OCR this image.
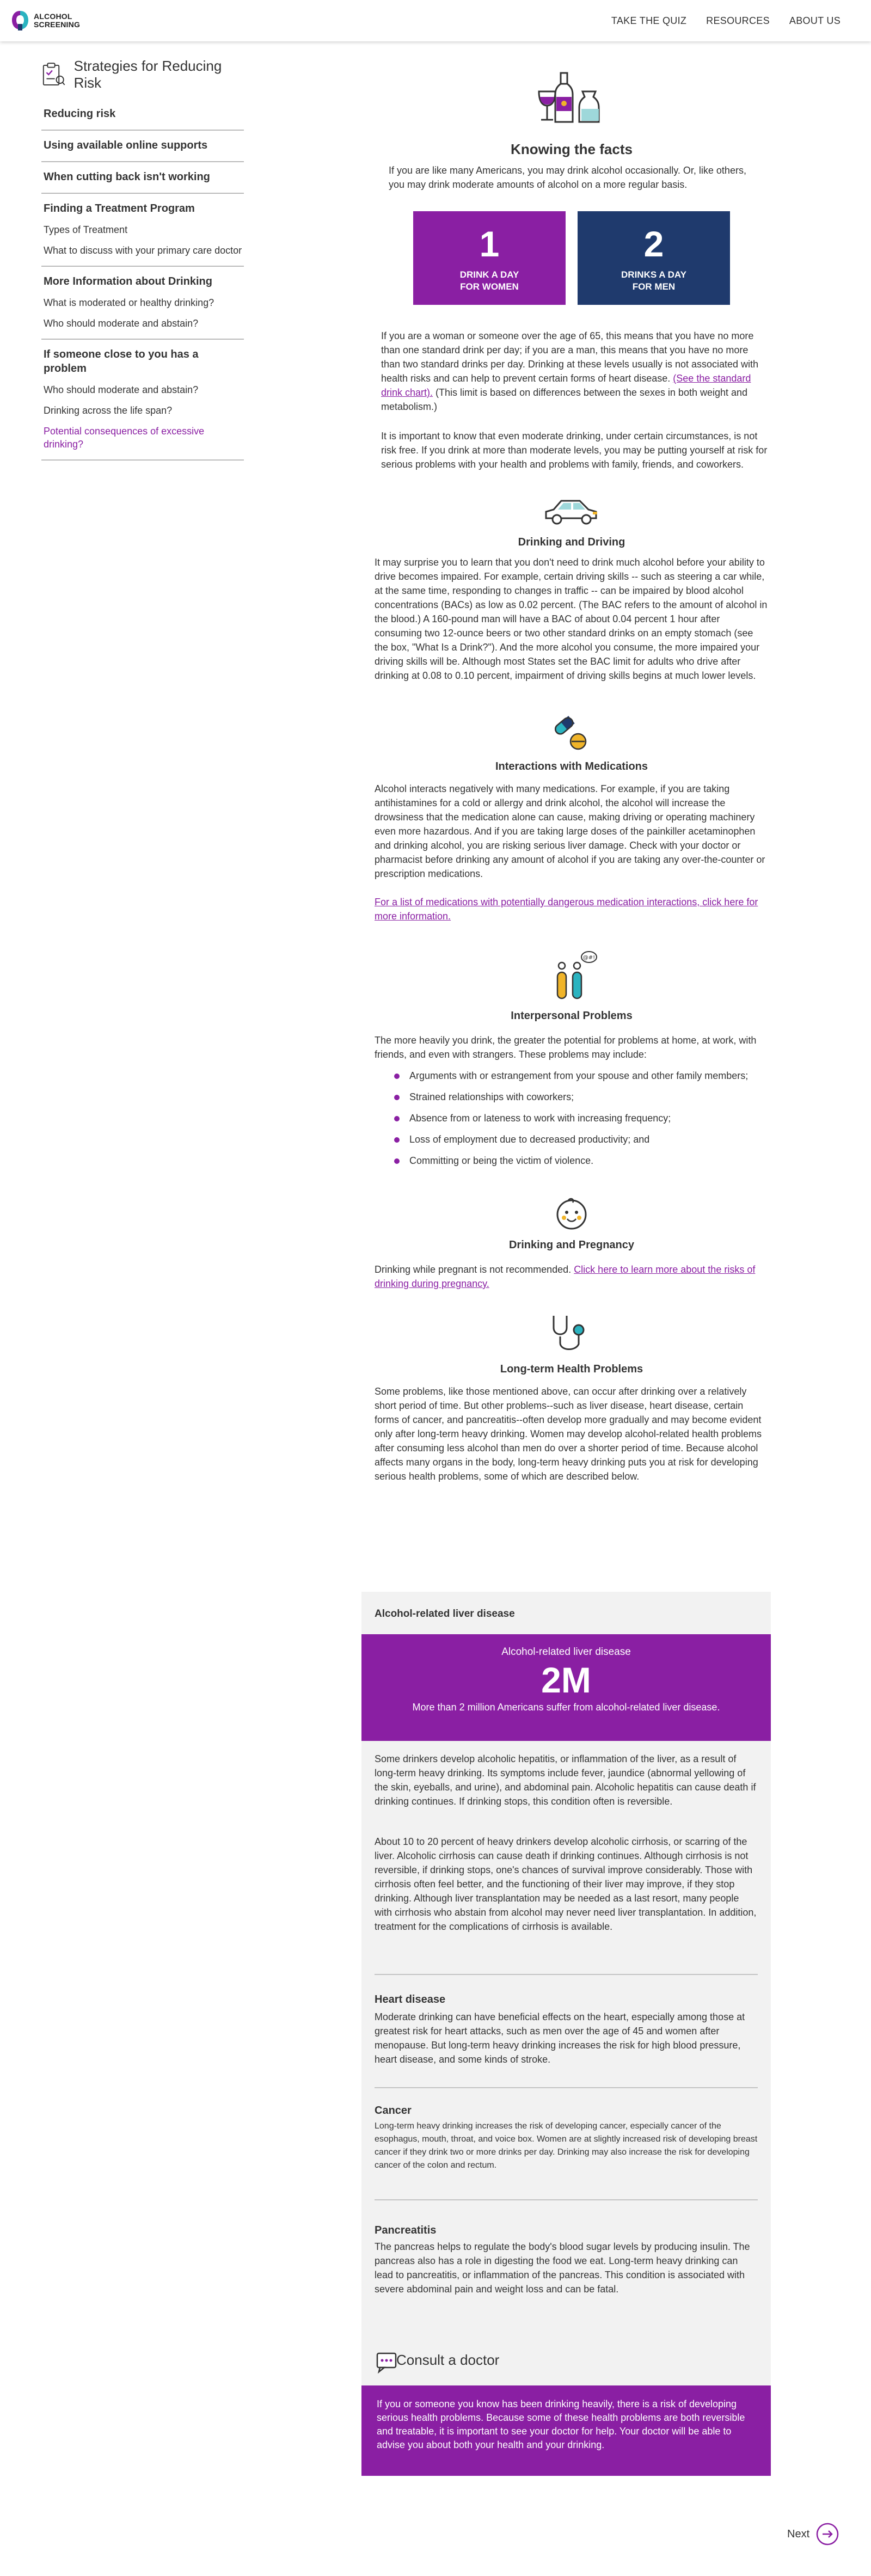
ALCOHOL
SCREENING	TAKE THE QUIZ RESOURCES ABOUT US
Strategies for Reducing Risk
Reducing risk
Using available online supports
When cutting back isn't working
Finding a Treatment Program
Types of Treatment
What to discuss with your primary care doctor
More Information about Drinking
What is moderated or healthy drinking?
Who should moderate and abstain?
If someone close to you has a problem
Who should moderate and abstain?
Drinking across the life span?
Potential consequences of excessive drinking?
Knowing the facts

If you are like many Americans, you may drink alcohol occasionally. Or, like others, you may drink moderate amounts of alcohol on a more regular basis.

1
DRINK A DAY
FOR WOMEN
2
DRINKS A DAY
FOR MEN

If you are a woman or someone over the age of 65, this means that you have no more than one standard drink per day; if you are a man, this means that you have no more than two standard drinks per day. Drinking at these levels usually is not associated with health risks and can help to prevent certain forms of heart disease. (See the standard drink chart). (This limit is based on differences between the sexes in both weight and metabolism.)

It is important to know that even moderate drinking, under certain circumstances, is not risk free. If you drink at more than moderate levels, you may be putting yourself at risk for serious problems with your health and problems with family, friends, and coworkers.

Drinking and Driving

It may surprise you to learn that you don't need to drink much alcohol before your ability to drive becomes impaired. For example, certain driving skills -- such as steering a car while, at the same time, responding to changes in traffic -- can be impaired by blood alcohol concentrations (BACs) as low as 0.02 percent. (The BAC refers to the amount of alcohol in the blood.) A 160-pound man will have a BAC of about 0.04 percent 1 hour after consuming two 12-ounce beers or two other standard drinks on an empty stomach (see the box, "What Is a Drink?"). And the more alcohol you consume, the more impaired your driving skills will be. Although most States set the BAC limit for adults who drive after drinking at 0.08 to 0.10 percent, impairment of driving skills begins at much lower levels.

Interactions with Medications

Alcohol interacts negatively with many medications. For example, if you are taking antihistamines for a cold or allergy and drink alcohol, the alcohol will increase the drowsiness that the medication alone can cause, making driving or operating machinery even more hazardous. And if you are taking large doses of the painkiller acetaminophen and drinking alcohol, you are risking serious liver damage. Check with your doctor or pharmacist before drinking any amount of alcohol if you are taking any over-the-counter or prescription medications.

For a list of medications with potentially dangerous medication interactions, click here for more information.

@#!
Interpersonal Problems

The more heavily you drink, the greater the potential for problems at home, at work, with friends, and even with strangers. These problems may include:

Arguments with or estrangement from your spouse and other family members;
Strained relationships with coworkers;
Absence from or lateness to work with increasing frequency;
Loss of employment due to decreased productivity; and
Committing or being the victim of violence.
Drinking and Pregnancy

Drinking while pregnant is not recommended. Click here to learn more about the risks of drinking during pregnancy.

Long-term Health Problems

Some problems, like those mentioned above, can occur after drinking over a relatively short period of time. But other problems--such as liver disease, heart disease, certain forms of cancer, and pancreatitis--often develop more gradually and may become evident only after long-term heavy drinking. Women may develop alcohol-related health problems after consuming less alcohol than men do over a shorter period of time. Because alcohol affects many organs in the body, long-term heavy drinking puts you at risk for developing serious health problems, some of which are described below.

Alcohol-related liver disease
Alcohol-related liver disease
2M
More than 2 million Americans suffer from alcohol-related liver disease.

Some drinkers develop alcoholic hepatitis, or inflammation of the liver, as a result of long-term heavy drinking. Its symptoms include fever, jaundice (abnormal yellowing of the skin, eyeballs, and urine), and abdominal pain. Alcoholic hepatitis can cause death if drinking continues. If drinking stops, this condition often is reversible.

About 10 to 20 percent of heavy drinkers develop alcoholic cirrhosis, or scarring of the liver. Alcoholic cirrhosis can cause death if drinking continues. Although cirrhosis is not reversible, if drinking stops, one's chances of survival improve considerably. Those with cirrhosis often feel better, and the functioning of their liver may improve, if they stop drinking. Although liver transplantation may be needed as a last resort, many people with cirrhosis who abstain from alcohol may never need liver transplantation. In addition, treatment for the complications of cirrhosis is available.

Heart disease

Moderate drinking can have beneficial effects on the heart, especially among those at greatest risk for heart attacks, such as men over the age of 45 and women after menopause. But long-term heavy drinking increases the risk for high blood pressure, heart disease, and some kinds of stroke.

Cancer

Long-term heavy drinking increases the risk of developing cancer, especially cancer of the esophagus, mouth, throat, and voice box. Women are at slightly increased risk of developing breast cancer if they drink two or more drinks per day. Drinking may also increase the risk for developing cancer of the colon and rectum.

Pancreatitis

The pancreas helps to regulate the body's blood sugar levels by producing insulin. The pancreas also has a role in digesting the food we eat. Long-term heavy drinking can lead to pancreatitis, or inflammation of the pancreas. This condition is associated with severe abdominal pain and weight loss and can be fatal.

Consult a doctor
If you or someone you know has been drinking heavily, there is a risk of developing serious health problems. Because some of these health problems are both reversible and treatable, it is important to see your doctor for help. Your doctor will be able to advise you about both your health and your drinking.
Next
